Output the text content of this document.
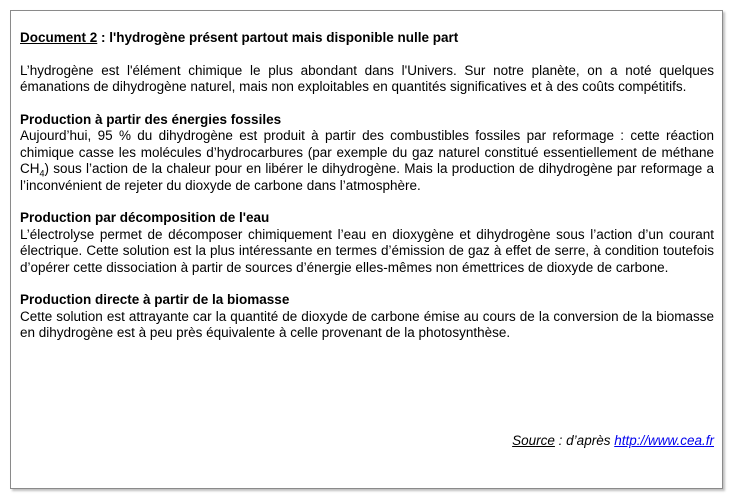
Document 2 : l'hydrogène présent partout mais disponible nulle part

L’hydrogène est l'élément chimique le plus abondant dans l'Univers. Sur notre planète, on a noté quelques émanations de dihydrogène naturel, mais non exploitables en quantités significatives et à des coûts compétitifs.

Production à partir des énergies fossiles

Aujourd’hui, 95 % du dihydrogène est produit à partir des combustibles fossiles par reformage : cette réaction chimique casse les molécules d’hydrocarbures (par exemple du gaz naturel constitué essentiellement de méthane $CH_4$) sous l’action de la chaleur pour en libérer le dihydrogène. Mais la production de dihydrogène par reformage a l’inconvénient de rejeter du dioxyde de carbone dans l’atmosphère.

Production par décomposition de l'eau

L’électrolyse permet de décomposer chimiquement l’eau en dioxygène et dihydrogène sous l’action d’un courant électrique. Cette solution est la plus intéressante en termes d’émission de gaz à effet de serre, à condition toutefois d’opérer cette dissociation à partir de sources d’énergie elles-mêmes non émettrices de dioxyde de carbone.

Production directe à partir de la biomasse

Cette solution est attrayante car la quantité de dioxyde de carbone émise au cours de la conversion de la biomasse en dihydrogène est à peu près équivalente à celle provenant de la photosynthèse.

Source : d’après http://www.cea.fr
